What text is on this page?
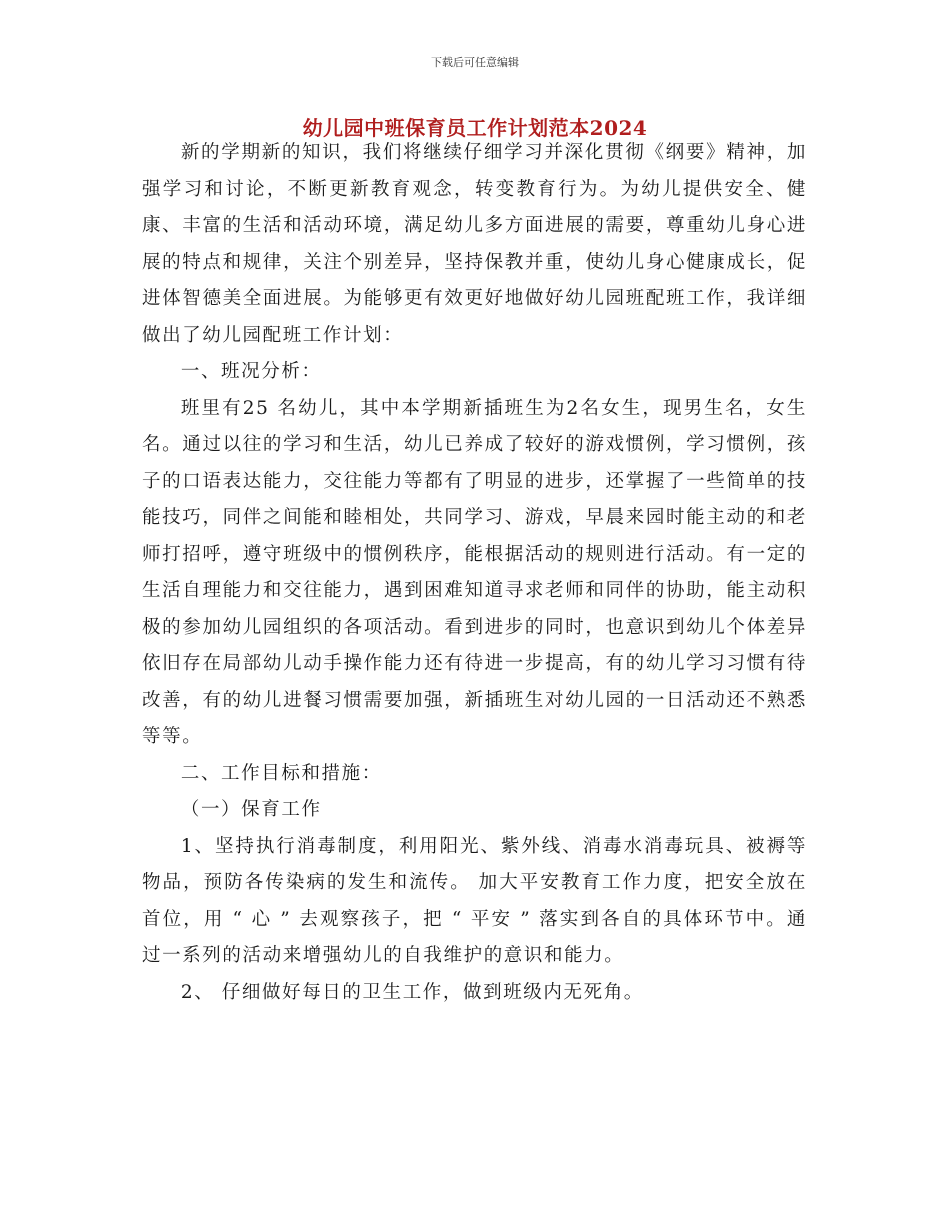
下载后可任意编辑
幼儿园中班保育员工作计划范本2024

新的学期新的知识，我们将继续仔细学习并深化贯彻《纲要》精神，加强学习和讨论，不断更新教育观念，转变教育行为。为幼儿提供安全、健康、丰富的生活和活动环境，满足幼儿多方面进展的需要，尊重幼儿身心进展的特点和规律，关注个别差异，坚持保教并重，使幼儿身心健康成长，促进体智德美全面进展。为能够更有效更好地做好幼儿园班配班工作，我详细做出了幼儿园配班工作计划：

一、班况分析：

班里有25 名幼儿，其中本学期新插班生为2名女生，现男生名，女生 名。通过以往的学习和生活，幼儿已养成了较好的游戏惯例，学习惯例，孩子的口语表达能力，交往能力等都有了明显的进步，还掌握了一些简单的技能技巧，同伴之间能和睦相处，共同学习、游戏，早晨来园时能主动的和老师打招呼，遵守班级中的惯例秩序，能根据活动的规则进行活动。有一定的生活自理能力和交往能力，遇到困难知道寻求老师和同伴的协助，能主动积极的参加幼儿园组织的各项活动。看到进步的同时，也意识到幼儿个体差异依旧存在局部幼儿动手操作能力还有待进一步提高，有的幼儿学习习惯有待改善，有的幼儿进餐习惯需要加强，新插班生对幼儿园的一日活动还不熟悉等等。

二、工作目标和措施：

（一）保育工作

1、坚持执行消毒制度，利用阳光、紫外线、消毒水消毒玩具、被褥等物品，预防各传染病的发生和流传。 加大平安教育工作力度，把安全放在首位，用 “ 心 ” 去观察孩子，把 “ 平安 ” 落实到各自的具体环节中。通过一系列的活动来增强幼儿的自我维护的意识和能力。

2、 仔细做好每日的卫生工作，做到班级内无死角。
